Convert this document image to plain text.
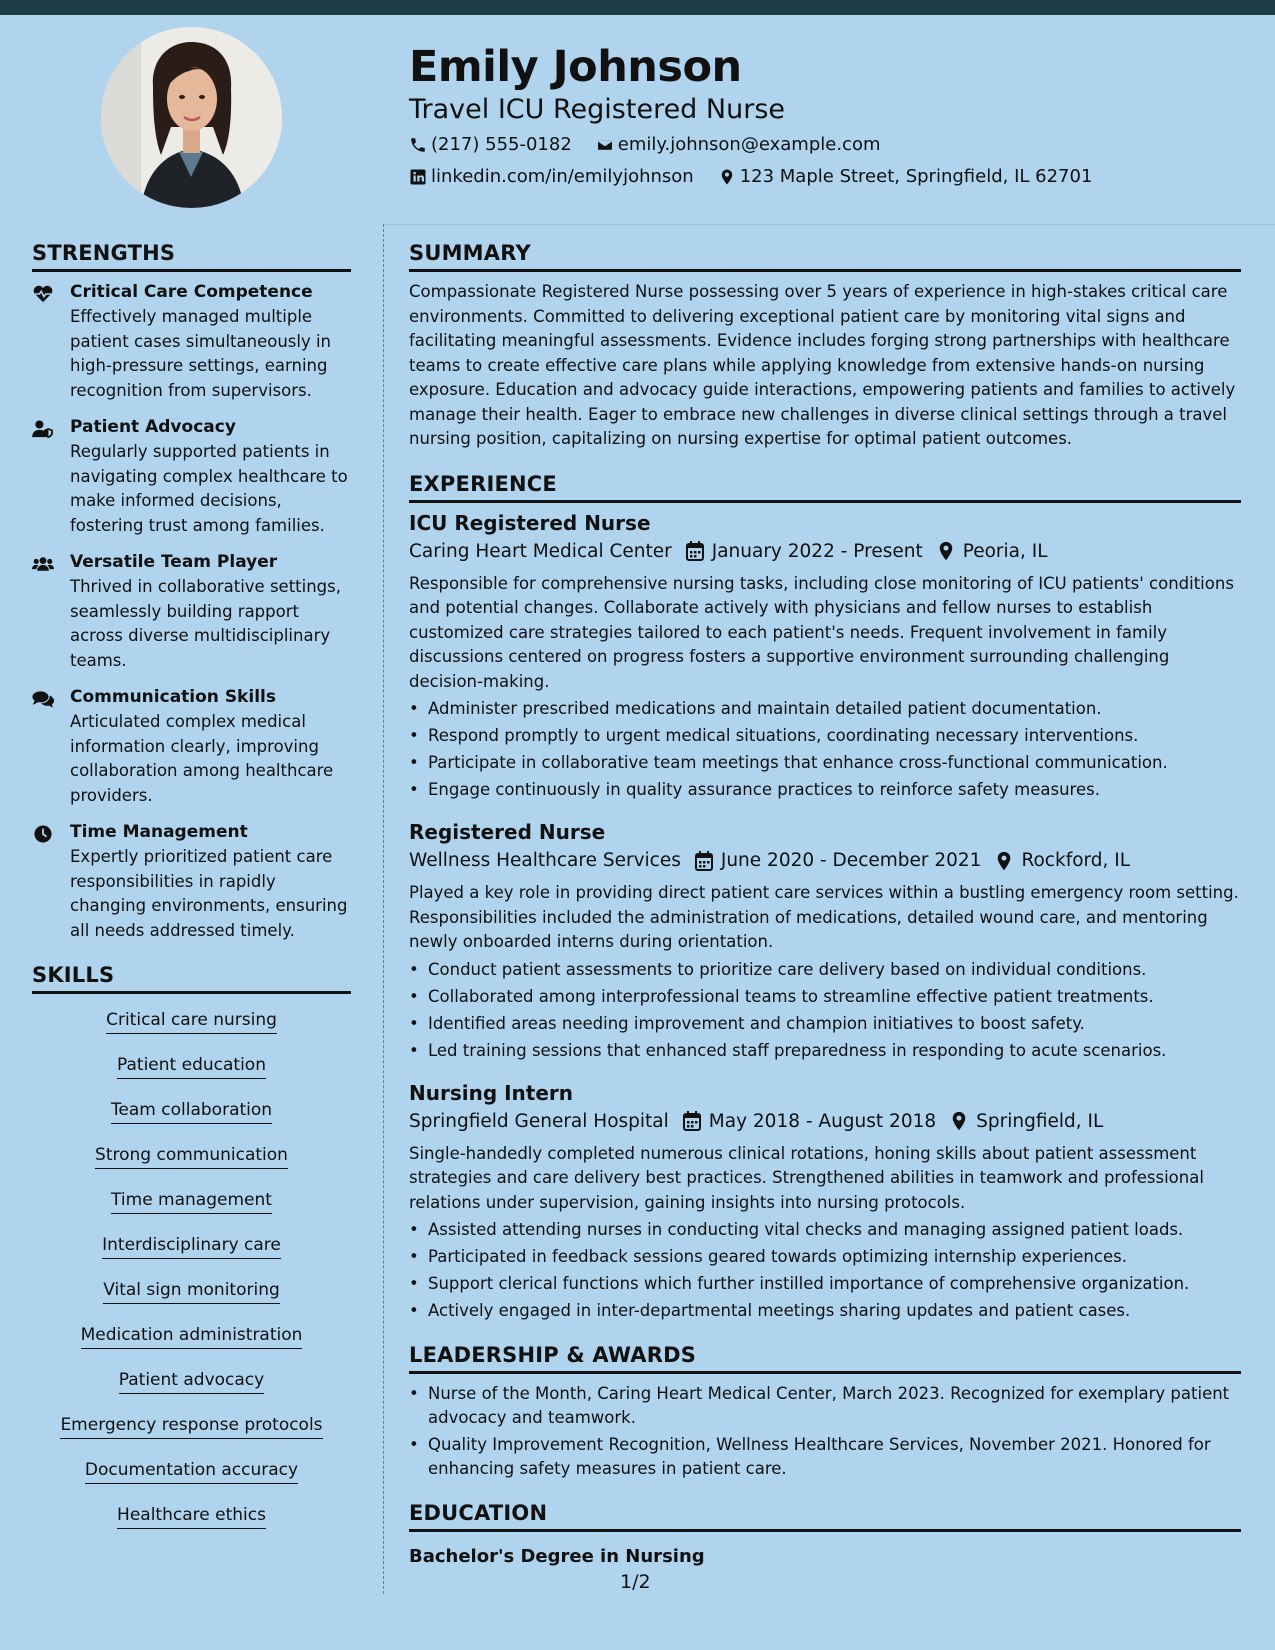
Emily Johnson
Travel ICU Registered Nurse
(217) 555-0182	emily.johnson@example.com
linkedin.com/in/emilyjohnson	123 Maple Street, Springfield, IL 62701
STRENGTHS
Critical Care Competence
Effectively managed multiple patient cases simultaneously in high-pressure settings, earning recognition from supervisors.
Patient Advocacy
Regularly supported patients in navigating complex healthcare to make informed decisions, fostering trust among families.
Versatile Team Player
Thrived in collaborative settings, seamlessly building rapport across diverse multidisciplinary teams.
Communication Skills
Articulated complex medical information clearly, improving collaboration among healthcare providers.
Time Management
Expertly prioritized patient care responsibilities in rapidly changing environments, ensuring all needs addressed timely.
SKILLS
Critical care nursing
Patient education
Team collaboration
Strong communication
Time management
Interdisciplinary care
Vital sign monitoring
Medication administration
Patient advocacy
Emergency response protocols
Documentation accuracy
Healthcare ethics
SUMMARY
Compassionate Registered Nurse possessing over 5 years of experience in high-stakes critical care environments. Committed to delivering exceptional patient care by monitoring vital signs and facilitating meaningful assessments. Evidence includes forging strong partnerships with healthcare teams to create effective care plans while applying knowledge from extensive hands-on nursing exposure. Education and advocacy guide interactions, empowering patients and families to actively manage their health. Eager to embrace new challenges in diverse clinical settings through a travel nursing position, capitalizing on nursing expertise for optimal patient outcomes.
EXPERIENCE
ICU Registered Nurse
Caring Heart Medical Center January 2022 - Present Peoria, IL
Responsible for comprehensive nursing tasks, including close monitoring of ICU patients' conditions and potential changes. Collaborate actively with physicians and fellow nurses to establish customized care strategies tailored to each patient's needs. Frequent involvement in family discussions centered on progress fosters a supportive environment surrounding challenging decision-making.
• Administer prescribed medications and maintain detailed patient documentation.
• Respond promptly to urgent medical situations, coordinating necessary interventions.
• Participate in collaborative team meetings that enhance cross-functional communication.
• Engage continuously in quality assurance practices to reinforce safety measures.
Registered Nurse
Wellness Healthcare Services June 2020 - December 2021 Rockford, IL
Played a key role in providing direct patient care services within a bustling emergency room setting. Responsibilities included the administration of medications, detailed wound care, and mentoring newly onboarded interns during orientation.
• Conduct patient assessments to prioritize care delivery based on individual conditions.
• Collaborated among interprofessional teams to streamline effective patient treatments.
• Identified areas needing improvement and champion initiatives to boost safety.
• Led training sessions that enhanced staff preparedness in responding to acute scenarios.
Nursing Intern
Springfield General Hospital May 2018 - August 2018 Springfield, IL
Single-handedly completed numerous clinical rotations, honing skills about patient assessment strategies and care delivery best practices. Strengthened abilities in teamwork and professional relations under supervision, gaining insights into nursing protocols.
• Assisted attending nurses in conducting vital checks and managing assigned patient loads.
• Participated in feedback sessions geared towards optimizing internship experiences.
• Support clerical functions which further instilled importance of comprehensive organization.
• Actively engaged in inter-departmental meetings sharing updates and patient cases.
LEADERSHIP & AWARDS
• Nurse of the Month, Caring Heart Medical Center, March 2023. Recognized for exemplary patient advocacy and teamwork.
• Quality Improvement Recognition, Wellness Healthcare Services, November 2021. Honored for enhancing safety measures in patient care.
EDUCATION
Bachelor's Degree in Nursing
1/2
